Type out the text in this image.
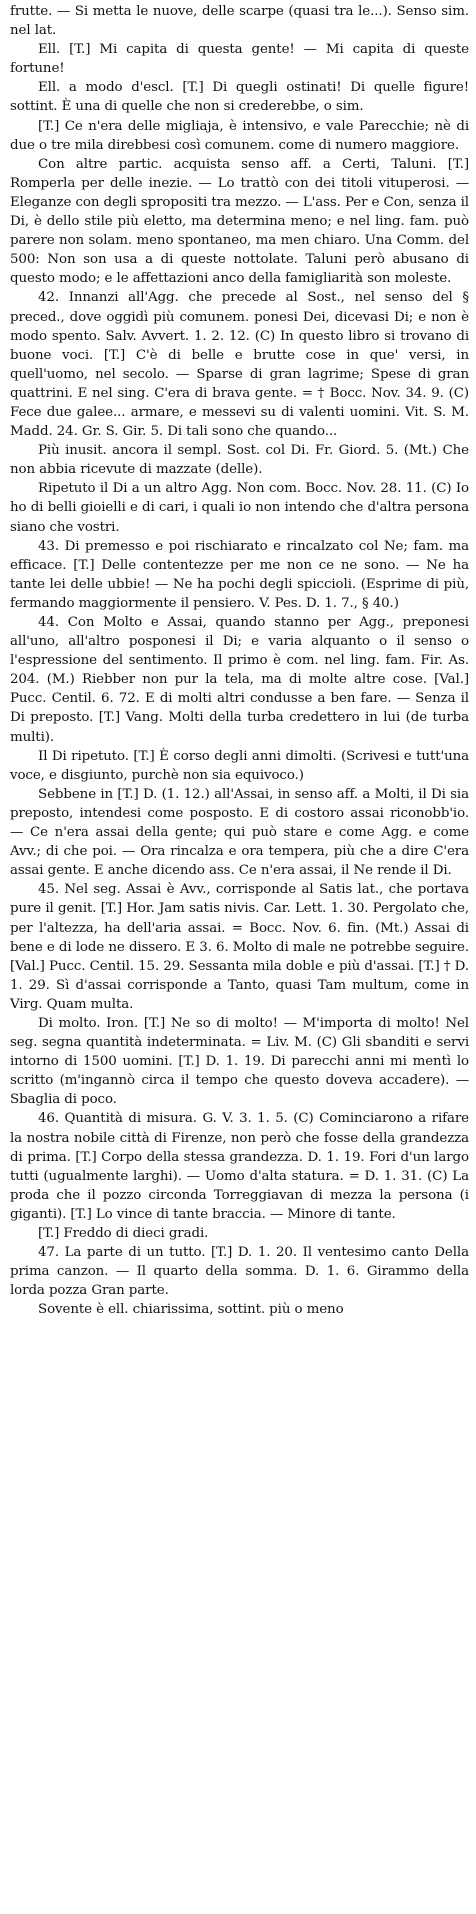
frutte. — Si metta le nuove, delle scarpe (quasi tra le...). Senso sim. nel lat.

Ell. [T.] Mi capita di questa gente! — Mi capita di queste fortune!

Ell. a modo d'escl. [T.] Di quegli ostinati! Di quelle figure! sottint. È una di quelle che non si crederebbe, o sim.

[T.] Ce n'era delle migliaja, è intensivo, e vale Parecchie; nè di due o tre mila direbbesi così comunem. come di numero maggiore.

Con altre partic. acquista senso aff. a Certi, Taluni. [T.] Romperla per delle inezie. — Lo trattò con dei titoli vituperosi. — Eleganze con degli spropositi tra mezzo. — L'ass. Per e Con, senza il Di, è dello stile più eletto, ma determina meno; e nel ling. fam. può parere non solam. meno spontaneo, ma men chiaro. Una Comm. del 500: Non son usa a di queste nottolate. Taluni però abusano di questo modo; e le affettazioni anco della famigliarità son moleste.

42. Innanzi all'Agg. che precede al Sost., nel senso del § preced., dove oggidì più comunem. ponesi Dei, dicevasi Di; e non è modo spento. Salv. Avvert. 1. 2. 12. (C) In questo libro si trovano di buone voci. [T.] C'è di belle e brutte cose in que' versi, in quell'uomo, nel secolo. — Sparse di gran lagrime; Spese di gran quattrini. E nel sing. C'era di brava gente. = † Bocc. Nov. 34. 9. (C) Fece due galee... armare, e messevi su di valenti uomini. Vit. S. M. Madd. 24. Gr. S. Gir. 5. Di tali sono che quando...

Più inusit. ancora il sempl. Sost. col Di. Fr. Giord. 5. (Mt.) Che non abbia ricevute di mazzate (delle).

Ripetuto il Di a un altro Agg. Non com. Bocc. Nov. 28. 11. (C) Io ho di belli gioielli e di cari, i quali io non intendo che d'altra persona siano che vostri.

43. Di premesso e poi rischiarato e rincalzato col Ne; fam. ma efficace. [T.] Delle contentezze per me non ce ne sono. — Ne ha tante lei delle ubbie! — Ne ha pochi degli spiccioli. (Esprime di più, fermando maggiormente il pensiero. V. Pes. D. 1. 7., § 40.)

44. Con Molto e Assai, quando stanno per Agg., preponesi all'uno, all'altro posponesi il Di; e varia alquanto o il senso o l'espressione del sentimento. Il primo è com. nel ling. fam. Fir. As. 204. (M.) Riebber non pur la tela, ma di molte altre cose. [Val.] Pucc. Centil. 6. 72. E di molti altri condusse a ben fare. — Senza il Di preposto. [T.] Vang. Molti della turba credettero in lui (de turba multi).

Il Di ripetuto. [T.] È corso degli anni dimolti. (Scrivesi e tutt'una voce, e disgiunto, purchè non sia equivoco.)

Sebbene in [T.] D. (1. 12.) all'Assai, in senso aff. a Molti, il Di sia preposto, intendesi come posposto. E di costoro assai riconobb'io. — Ce n'era assai della gente; qui può stare e come Agg. e come Avv.; di che poi. — Ora rincalza e ora tempera, più che a dire C'era assai gente. E anche dicendo ass. Ce n'era assai, il Ne rende il Di.

45. Nel seg. Assai è Avv., corrisponde al Satis lat., che portava pure il genit. [T.] Hor. Jam satis nivis. Car. Lett. 1. 30. Pergolato che, per l'altezza, ha dell'aria assai. = Bocc. Nov. 6. fin. (Mt.) Assai di bene e di lode ne dissero. E 3. 6. Molto di male ne potrebbe seguire. [Val.] Pucc. Centil. 15. 29. Sessanta mila doble e più d'assai. [T.] † D. 1. 29. Sì d'assai corrisponde a Tanto, quasi Tam multum, come in Virg. Quam multa.

Di molto. Iron. [T.] Ne so di molto! — M'importa di molto! Nel seg. segna quantità indeterminata. = Liv. M. (C) Gli sbanditi e servi intorno di 1500 uomini. [T.] D. 1. 19. Di parecchi anni mi mentì lo scritto (m'ingannò circa il tempo che questo doveva accadere). — Sbaglia di poco.

46. Quantità di misura. G. V. 3. 1. 5. (C) Cominciarono a rifare la nostra nobile città di Firenze, non però che fosse della grandezza di prima. [T.] Corpo della stessa grandezza. D. 1. 19. Fori d'un largo tutti (ugualmente larghi). — Uomo d'alta statura. = D. 1. 31. (C) La proda che il pozzo circonda Torreggiavan di mezza la persona (i giganti). [T.] Lo vince di tante braccia. — Minore di tante.

[T.] Freddo di dieci gradi.

47. La parte di un tutto. [T.] D. 1. 20. Il ventesimo canto Della prima canzon. — Il quarto della somma. D. 1. 6. Girammo della lorda pozza Gran parte.

Sovente è ell. chiarissima, sottint. più o meno
